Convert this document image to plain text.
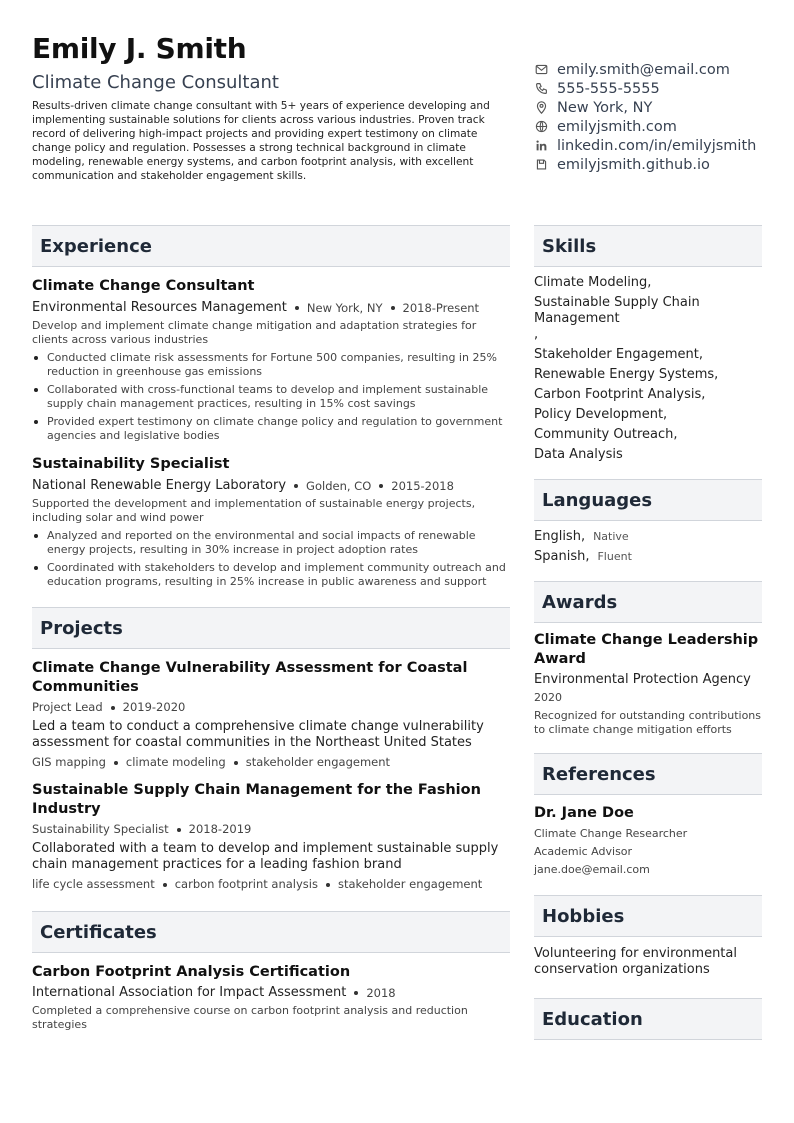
Emily J. Smith
Climate Change Consultant
Results-driven climate change consultant with 5+ years of experience developing and implementing sustainable solutions for clients across various industries. Proven track record of delivering high-impact projects and providing expert testimony on climate change policy and regulation. Possesses a strong technical background in climate modeling, renewable energy systems, and carbon footprint analysis, with excellent communication and stakeholder engagement skills.
emily.smith@email.com
555-555-5555
New York, NY
emilyjsmith.com
linkedin.com/in/emilyjsmith
emilyjsmith.github.io
Experience
Climate Change Consultant
Environmental Resources Management New York, NY 2018-Present
Develop and implement climate change mitigation and adaptation strategies for clients across various industries
Conducted climate risk assessments for Fortune 500 companies, resulting in 25% reduction in greenhouse gas emissions
Collaborated with cross-functional teams to develop and implement sustainable supply chain management practices, resulting in 15% cost savings
Provided expert testimony on climate change policy and regulation to government agencies and legislative bodies
Sustainability Specialist
National Renewable Energy Laboratory Golden, CO 2015-2018
Supported the development and implementation of sustainable energy projects, including solar and wind power
Analyzed and reported on the environmental and social impacts of renewable energy projects, resulting in 30% increase in project adoption rates
Coordinated with stakeholders to develop and implement community outreach and education programs, resulting in 25% increase in public awareness and support
Projects
Climate Change Vulnerability Assessment for Coastal Communities
Project Lead 2019-2020
Led a team to conduct a comprehensive climate change vulnerability assessment for coastal communities in the Northeast United States
GIS mapping climate modeling stakeholder engagement
Sustainable Supply Chain Management for the Fashion Industry
Sustainability Specialist 2018-2019
Collaborated with a team to develop and implement sustainable supply chain management practices for a leading fashion brand
life cycle assessment carbon footprint analysis stakeholder engagement
Certificates
Carbon Footprint Analysis Certification
International Association for Impact Assessment 2018
Completed a comprehensive course on carbon footprint analysis and reduction strategies
Skills
Climate Modeling,
Sustainable Supply Chain Management
,
Stakeholder Engagement,
Renewable Energy Systems,
Carbon Footprint Analysis,
Policy Development,
Community Outreach,
Data Analysis
Languages
English, Native
Spanish, Fluent
Awards
Climate Change Leadership Award
Environmental Protection Agency
2020
Recognized for outstanding contributions to climate change mitigation efforts
References
Dr. Jane Doe
Climate Change Researcher
Academic Advisor
jane.doe@email.com
Hobbies
Volunteering for environmental conservation organizations
Education
